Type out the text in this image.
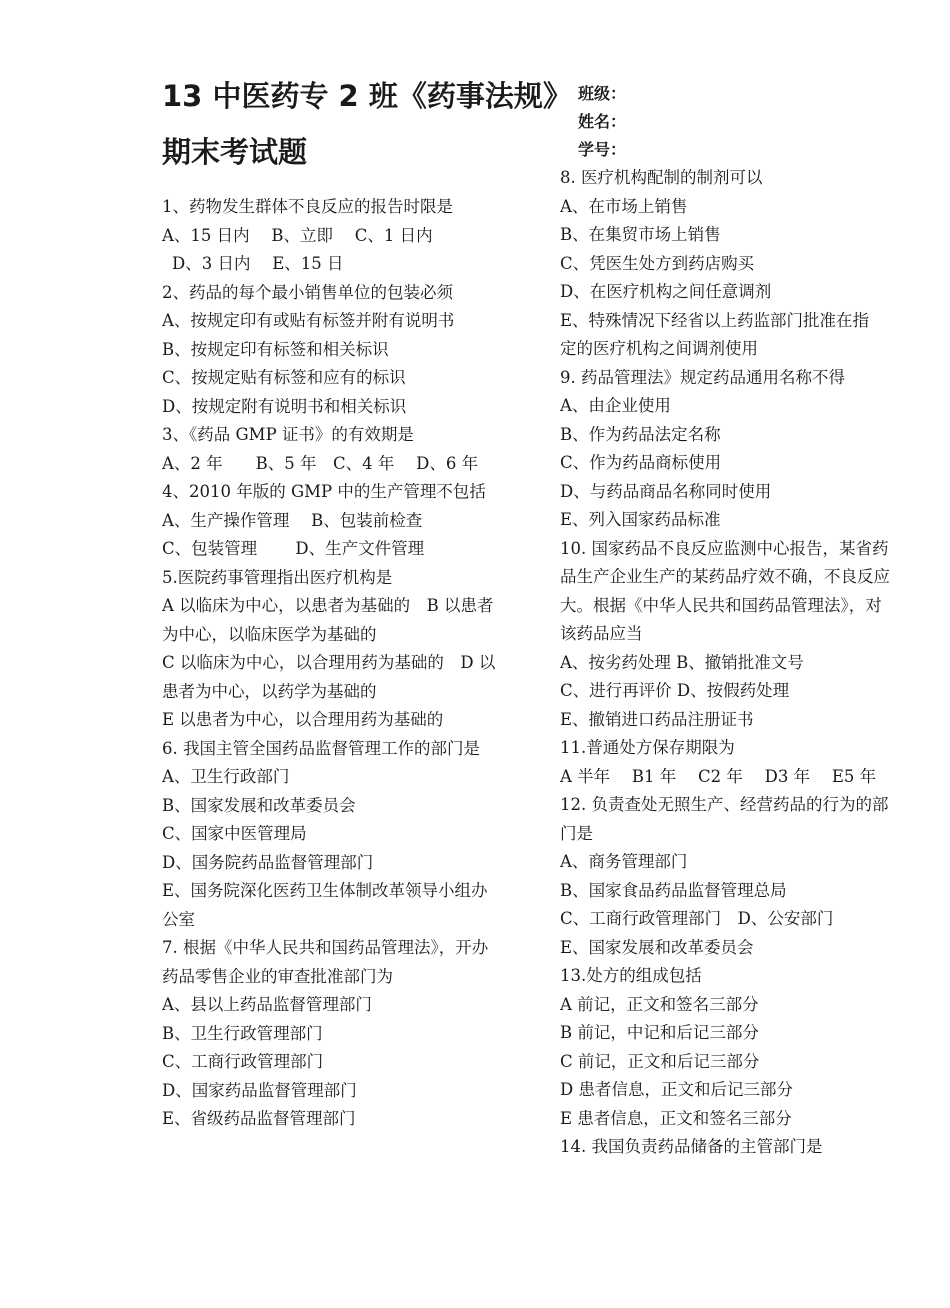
13 中医药专 2 班《药事法规》
期末考试题
班级：
姓名：
学号：
1、药物发生群体不良反应的报告时限是
A、15 日内　 B、立即　 C、1 日内
D、3 日内　 E、15 日
2、药品的每个最小销售单位的包装必须
A、按规定印有或贴有标签并附有说明书
B、按规定印有标签和相关标识
C、按规定贴有标签和应有的标识
D、按规定附有说明书和相关标识
3、《药品 GMP 证书》的有效期是
A、2 年　　B、5 年　C、4 年　 D、6 年
4、2010 年版的 GMP 中的生产管理不包括
A、生产操作管理　 B、包装前检查
C、包装管理　　 D、生产文件管理
5.医院药事管理指出医疗机构是
A 以临床为中心，以患者为基础的　B 以患者
为中心，以临床医学为基础的
C 以临床为中心，以合理用药为基础的　D 以
患者为中心，以药学为基础的
E 以患者为中心，以合理用药为基础的
6. 我国主管全国药品监督管理工作的部门是
A、卫生行政部门
B、国家发展和改革委员会
C、国家中医管理局
D、国务院药品监督管理部门
E、国务院深化医药卫生体制改革领导小组办
公室
7. 根据《中华人民共和国药品管理法》，开办
药品零售企业的审查批准部门为
A、县以上药品监督管理部门
B、卫生行政管理部门
C、工商行政管理部门
D、国家药品监督管理部门
E、省级药品监督管理部门
8. 医疗机构配制的制剂可以
A、在市场上销售
B、在集贸市场上销售
C、凭医生处方到药店购买
D、在医疗机构之间任意调剂
E、特殊情况下经省以上药监部门批准在指
定的医疗机构之间调剂使用
9. 药品管理法》规定药品通用名称不得
A、由企业使用
B、作为药品法定名称
C、作为药品商标使用
D、与药品商品名称同时使用
E、列入国家药品标准
10. 国家药品不良反应监测中心报告，某省药
品生产企业生产的某药品疗效不确，不良反应
大。根据《中华人民共和国药品管理法》，对
该药品应当
A、按劣药处理 B、撤销批准文号
C、进行再评价 D、按假药处理
E、撤销进口药品注册证书
11.普通处方保存期限为
A 半年　 B1 年　 C2 年　 D3 年　 E5 年
12. 负责查处无照生产、经营药品的行为的部
门是
A、商务管理部门
B、国家食品药品监督管理总局
C、工商行政管理部门　D、公安部门
E、国家发展和改革委员会
13.处方的组成包括
A 前记，正文和签名三部分
B 前记，中记和后记三部分
C 前记，正文和后记三部分
D 患者信息，正文和后记三部分
E 患者信息，正文和签名三部分
14. 我国负责药品储备的主管部门是
